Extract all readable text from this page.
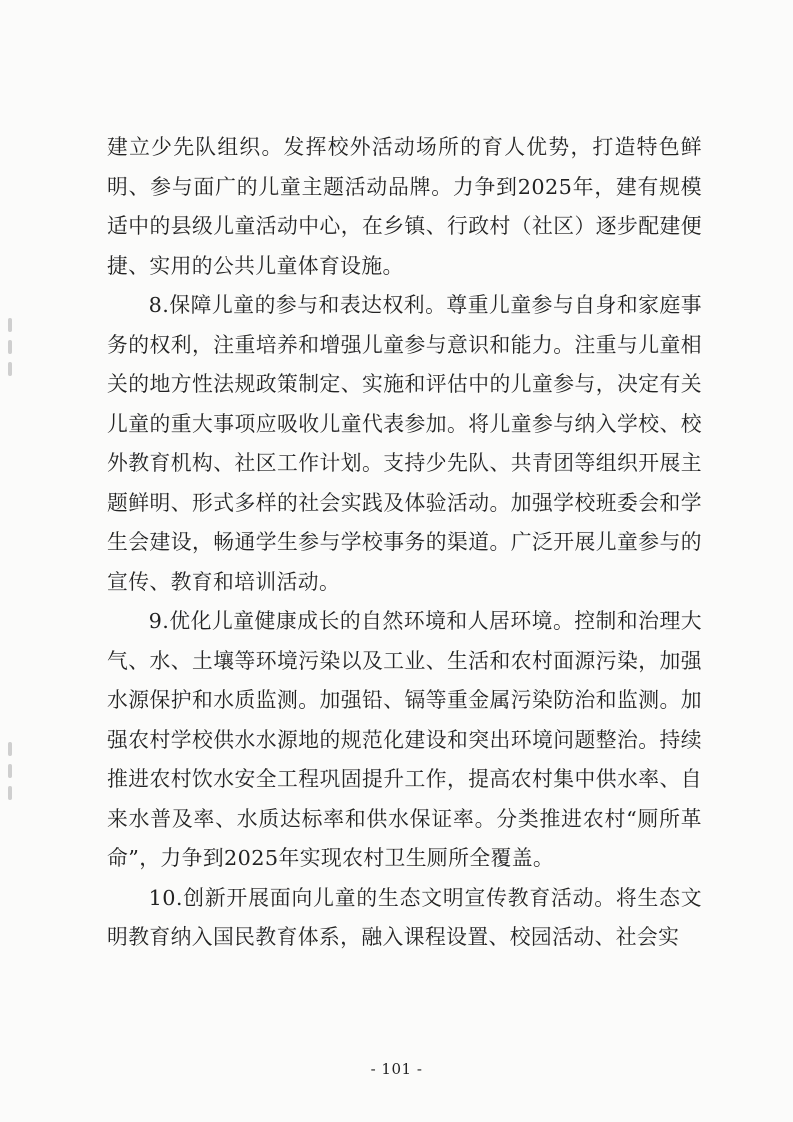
建立少先队组织。发挥校外活动场所的育人优势，打造特色鲜明、参与面广的儿童主题活动品牌。力争到2025年，建有规模适中的县级儿童活动中心，在乡镇、行政村（社区）逐步配建便捷、实用的公共儿童体育设施。

8.保障儿童的参与和表达权利。尊重儿童参与自身和家庭事务的权利，注重培养和增强儿童参与意识和能力。注重与儿童相关的地方性法规政策制定、实施和评估中的儿童参与，决定有关儿童的重大事项应吸收儿童代表参加。将儿童参与纳入学校、校外教育机构、社区工作计划。支持少先队、共青团等组织开展主题鲜明、形式多样的社会实践及体验活动。加强学校班委会和学生会建设，畅通学生参与学校事务的渠道。广泛开展儿童参与的宣传、教育和培训活动。

9.优化儿童健康成长的自然环境和人居环境。控制和治理大气、水、土壤等环境污染以及工业、生活和农村面源污染，加强水源保护和水质监测。加强铅、镉等重金属污染防治和监测。加强农村学校供水水源地的规范化建设和突出环境问题整治。持续推进农村饮水安全工程巩固提升工作，提高农村集中供水率、自来水普及率、水质达标率和供水保证率。分类推进农村“厕所革命”，力争到2025年实现农村卫生厕所全覆盖。

10.创新开展面向儿童的生态文明宣传教育活动。将生态文明教育纳入国民教育体系，融入课程设置、校园活动、社会实

- 101 -
